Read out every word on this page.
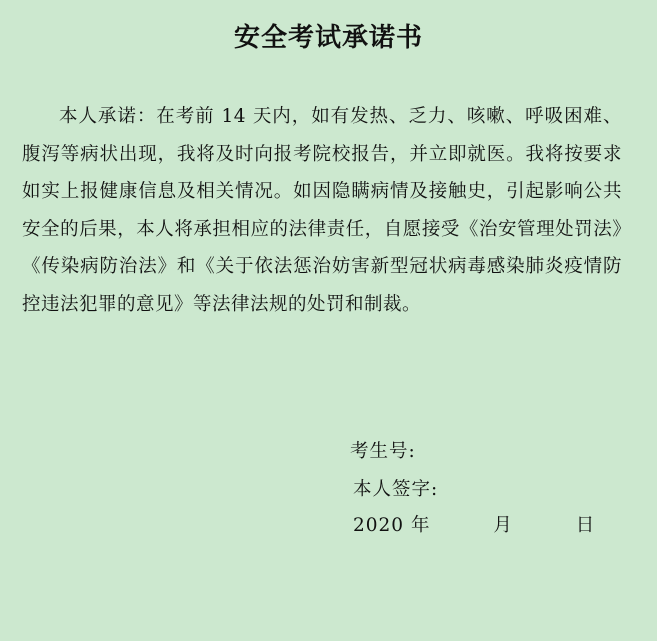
安全考试承诺书

本人承诺：在考前 14 天内，如有发热、乏力、咳嗽、呼吸困难、腹泻等病状出现，我将及时向报考院校报告，并立即就医。我将按要求如实上报健康信息及相关情况。如因隐瞒病情及接触史，引起影响公共安全的后果，本人将承担相应的法律责任，自愿接受《治安管理处罚法》《传染病防治法》和《关于依法惩治妨害新型冠状病毒感染肺炎疫情防控违法犯罪的意见》等法律法规的处罚和制裁。

考生号:
本人签字:
2020 年	月	日
